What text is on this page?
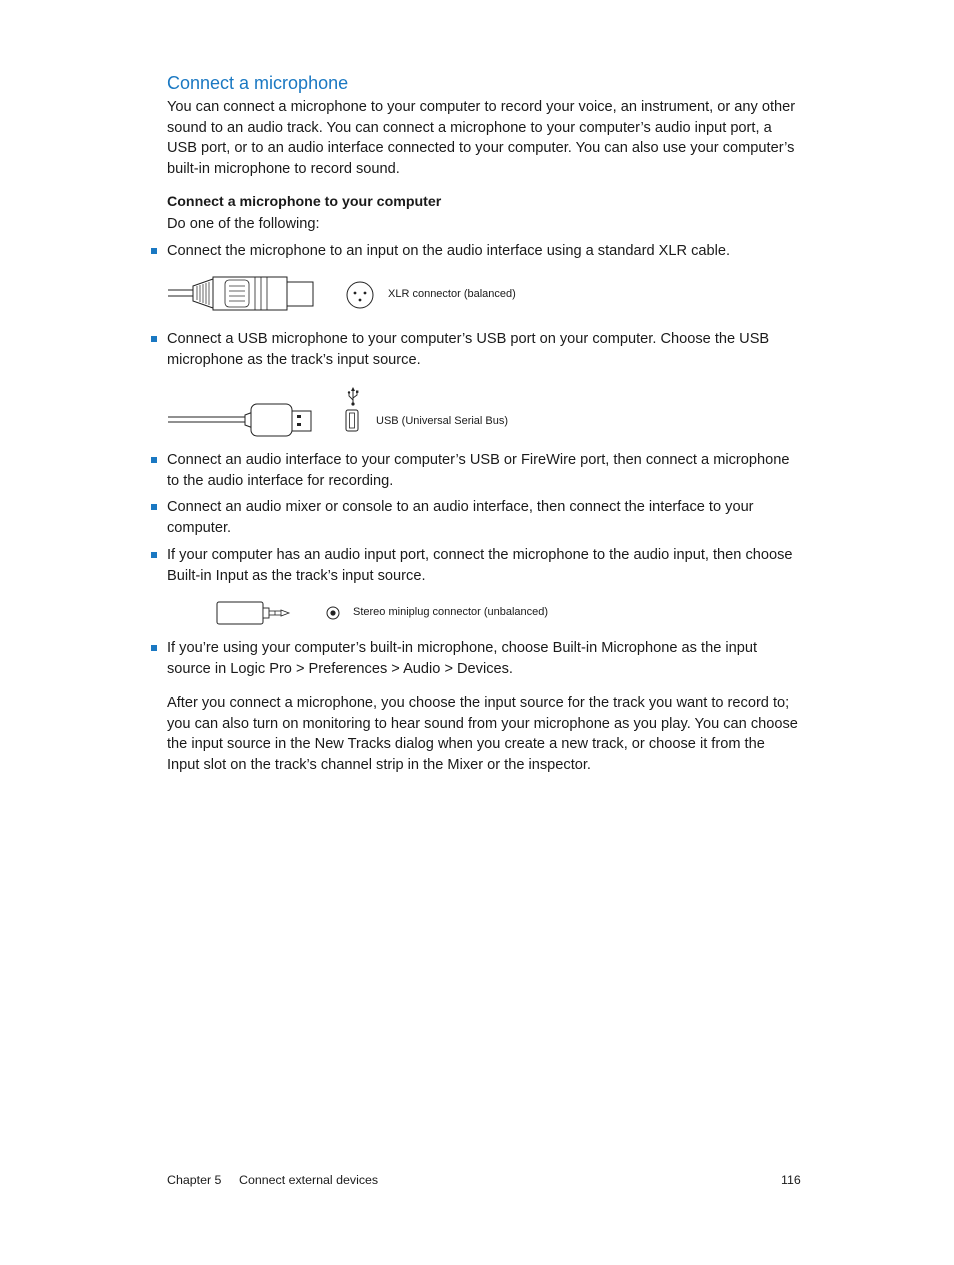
Connect a microphone
You can connect a microphone to your computer to record your voice, an instrument, or any other sound to an audio track. You can connect a microphone to your computer’s audio input port, a USB port, or to an audio interface connected to your computer. You can also use your computer’s built-in microphone to record sound.
Connect a microphone to your computer
Do one of the following:
Connect the microphone to an input on the audio interface using a standard XLR cable.
XLR connector (balanced)
Connect a USB microphone to your computer’s USB port on your computer. Choose the USB microphone as the track’s input source.
USB (Universal Serial Bus)
Connect an audio interface to your computer’s USB or FireWire port, then connect a microphone to the audio interface for recording.
Connect an audio mixer or console to an audio interface, then connect the interface to your computer.
If your computer has an audio input port, connect the microphone to the audio input, then choose Built-in Input as the track’s input source.
Stereo miniplug connector (unbalanced)
If you’re using your computer’s built-in microphone, choose Built-in Microphone as the input source in Logic Pro > Preferences > Audio > Devices.
After you connect a microphone, you choose the input source for the track you want to record to; you can also turn on monitoring to hear sound from your microphone as you play. You can choose the input source in the New Tracks dialog when you create a new track, or choose it from the Input slot on the track’s channel strip in the Mixer or the inspector.
Chapter 5 Connect external devices	116
